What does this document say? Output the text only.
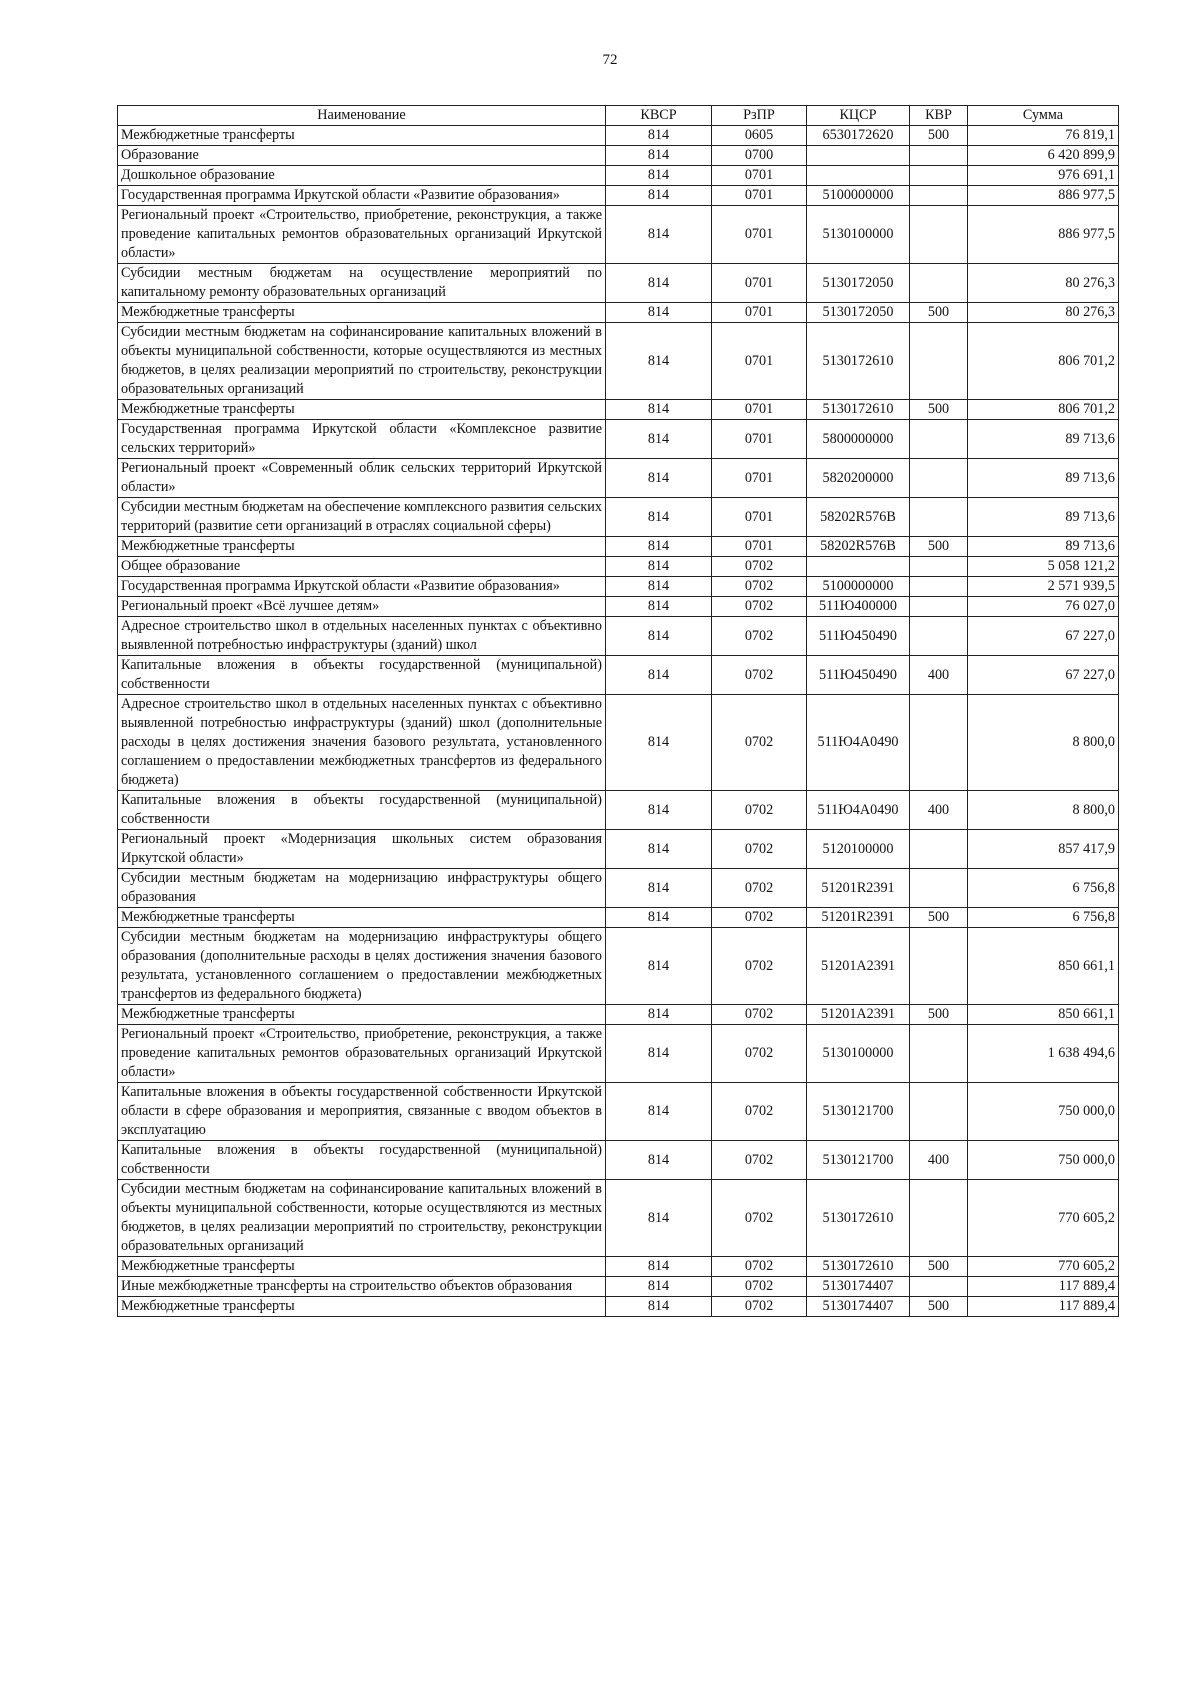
72
Наименование	КВСР	РзПР	КЦСР	КВР	Сумма
Межбюджетные трансферты	814	0605	6530172620	500	76 819,1
Образование	814	0700			6 420 899,9
Дошкольное образование	814	0701			976 691,1
Государственная программа Иркутской области «Развитие образования»	814	0701	5100000000		886 977,5
Региональный проект «Строительство, приобретение, реконструкция, а также проведение капитальных ремонтов образовательных организаций Иркутской области»	814	0701	5130100000		886 977,5
Субсидии местным бюджетам на осуществление мероприятий по капитальному ремонту образовательных организаций	814	0701	5130172050		80 276,3
Межбюджетные трансферты	814	0701	5130172050	500	80 276,3
Субсидии местным бюджетам на софинансирование капитальных вложений в объекты муниципальной собственности, которые осуществляются из местных бюджетов, в целях реализации мероприятий по строительству, реконструкции образовательных организаций	814	0701	5130172610		806 701,2
Межбюджетные трансферты	814	0701	5130172610	500	806 701,2
Государственная программа Иркутской области «Комплексное развитие сельских территорий»	814	0701	5800000000		89 713,6
Региональный проект «Современный облик сельских территорий Иркутской области»	814	0701	5820200000		89 713,6
Субсидии местным бюджетам на обеспечение комплексного развития сельских территорий (развитие сети организаций в отраслях социальной сферы)	814	0701	58202R576B		89 713,6
Межбюджетные трансферты	814	0701	58202R576B	500	89 713,6
Общее образование	814	0702			5 058 121,2
Государственная программа Иркутской области «Развитие образования»	814	0702	5100000000		2 571 939,5
Региональный проект «Всё лучшее детям»	814	0702	511Ю400000		76 027,0
Адресное строительство школ в отдельных населенных пунктах с объективно выявленной потребностью инфраструктуры (зданий) школ	814	0702	511Ю450490		67 227,0
Капитальные вложения в объекты государственной (муниципальной) собственности	814	0702	511Ю450490	400	67 227,0
Адресное строительство школ в отдельных населенных пунктах с объективно выявленной потребностью инфраструктуры (зданий) школ (дополнительные расходы в целях достижения значения базового результата, установленного соглашением о предоставлении межбюджетных трансфертов из федерального бюджета)	814	0702	511Ю4А0490		8 800,0
Капитальные вложения в объекты государственной (муниципальной) собственности	814	0702	511Ю4А0490	400	8 800,0
Региональный проект «Модернизация школьных систем образования Иркутской области»	814	0702	5120100000		857 417,9
Субсидии местным бюджетам на модернизацию инфраструктуры общего образования	814	0702	51201R2391		6 756,8
Межбюджетные трансферты	814	0702	51201R2391	500	6 756,8
Субсидии местным бюджетам на модернизацию инфраструктуры общего образования (дополнительные расходы в целях достижения значения базового результата, установленного соглашением о предоставлении межбюджетных трансфертов из федерального бюджета)	814	0702	51201А2391		850 661,1
Межбюджетные трансферты	814	0702	51201А2391	500	850 661,1
Региональный проект «Строительство, приобретение, реконструкция, а также проведение капитальных ремонтов образовательных организаций Иркутской области»	814	0702	5130100000		1 638 494,6
Капитальные вложения в объекты государственной собственности Иркутской области в сфере образования и мероприятия, связанные с вводом объектов в эксплуатацию	814	0702	5130121700		750 000,0
Капитальные вложения в объекты государственной (муниципальной) собственности	814	0702	5130121700	400	750 000,0
Субсидии местным бюджетам на софинансирование капитальных вложений в объекты муниципальной собственности, которые осуществляются из местных бюджетов, в целях реализации мероприятий по строительству, реконструкции образовательных организаций	814	0702	5130172610		770 605,2
Межбюджетные трансферты	814	0702	5130172610	500	770 605,2
Иные межбюджетные трансферты на строительство объектов образования	814	0702	5130174407		117 889,4
Межбюджетные трансферты	814	0702	5130174407	500	117 889,4
